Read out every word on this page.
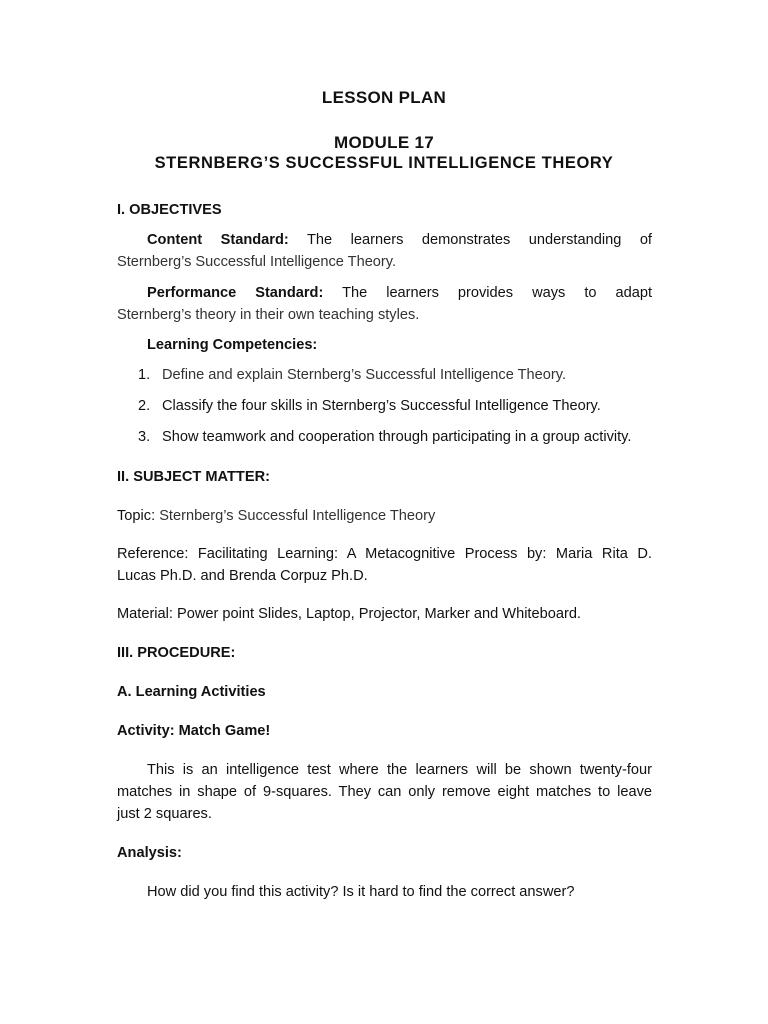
LESSON PLAN
MODULE 17
STERNBERG’S SUCCESSFUL INTELLIGENCE THEORY
I. OBJECTIVES
Content Standard: The learners demonstrates understanding of
Sternberg’s Successful Intelligence Theory.
Performance Standard: The learners provides ways to adapt
Sternberg’s theory in their own teaching styles.
Learning Competencies:
1. Define and explain Sternberg’s Successful Intelligence Theory.
2. Classify the four skills in Sternberg’s Successful Intelligence Theory.
3. Show teamwork and cooperation through participating in a group activity.
II. SUBJECT MATTER:
Topic: Sternberg’s Successful Intelligence Theory
Reference: Facilitating Learning: A Metacognitive Process by: Maria Rita D.
Lucas Ph.D. and Brenda Corpuz Ph.D.
Material: Power point Slides, Laptop, Projector, Marker and Whiteboard.
III. PROCEDURE:
A. Learning Activities
Activity: Match Game!
This is an intelligence test where the learners will be shown twenty-four
matches in shape of 9-squares. They can only remove eight matches to leave
just 2 squares.
Analysis:
How did you find this activity? Is it hard to find the correct answer?
